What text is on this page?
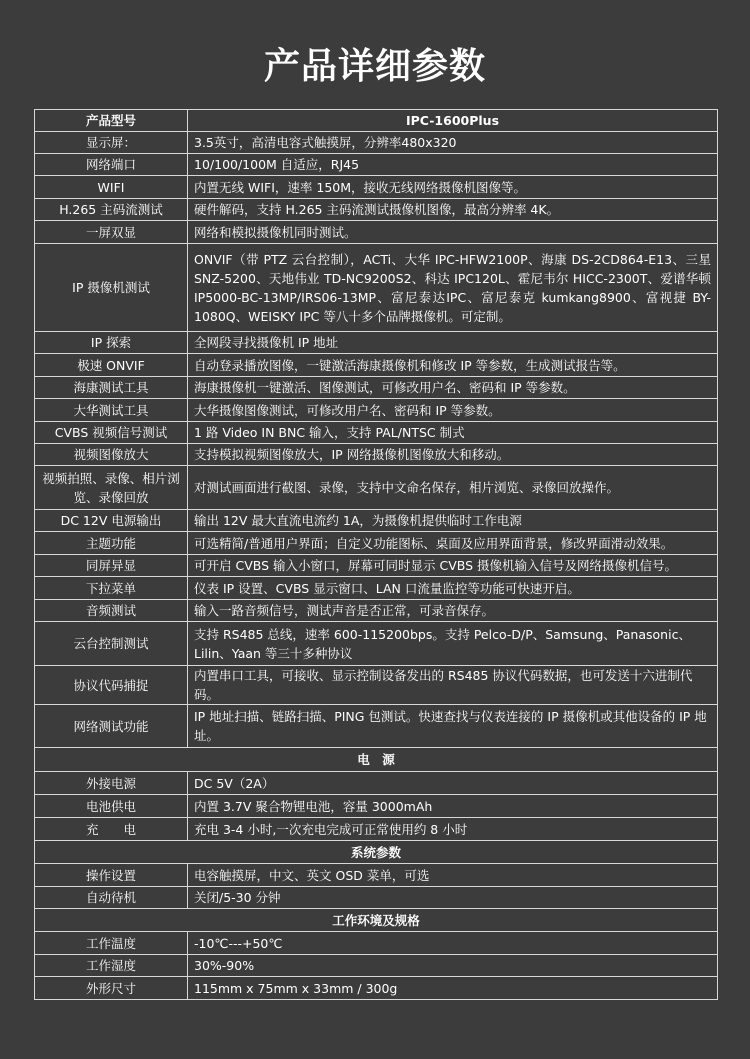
产品详细参数
产品型号	IPC-1600Plus
显示屏：	3.5英寸，高清电容式触摸屏，分辨率480x320
网络端口	10/100/100M 自适应，RJ45
WIFI	内置无线 WIFI，速率 150M，接收无线网络摄像机图像等。
H.265 主码流测试	硬件解码，支持 H.265 主码流测试摄像机图像，最高分辨率 4K。
一屏双显	网络和模拟摄像机同时测试。
IP 摄像机测试	ONVIF（带 PTZ 云台控制），ACTi、大华 IPC-HFW2100P、海康 DS-2CD864-E13、三星 SNZ-5200、天地伟业 TD-NC9200S2、科达 IPC120L、霍尼韦尔 HICC-2300T、爱谱华顿 IP5000-BC-13MP/IRS06-13MP、富尼泰达IPC、富尼泰克 kumkang8900、富视捷 BY-1080Q、WEISKY IPC 等八十多个品牌摄像机。可定制。
IP 探索	全网段寻找摄像机 IP 地址
极速 ONVIF	自动登录播放图像，一键激活海康摄像机和修改 IP 等参数，生成测试报告等。
海康测试工具	海康摄像机一键激活、图像测试，可修改用户名、密码和 IP 等参数。
大华测试工具	大华摄像图像测试，可修改用户名、密码和 IP 等参数。
CVBS 视频信号测试	1 路 Video IN BNC 输入，支持 PAL/NTSC 制式
视频图像放大	支持模拟视频图像放大，IP 网络摄像机图像放大和移动。
视频拍照、录像、相片浏览、录像回放	对测试画面进行截图、录像，支持中文命名保存，相片浏览、录像回放操作。
DC 12V 电源输出	输出 12V 最大直流电流约 1A，为摄像机提供临时工作电源
主题功能	可选精简/普通用户界面；自定义功能图标、桌面及应用界面背景，修改界面滑动效果。
同屏异显	可开启 CVBS 输入小窗口，屏幕可同时显示 CVBS 摄像机输入信号及网络摄像机信号。
下拉菜单	仪表 IP 设置、CVBS 显示窗口、LAN 口流量监控等功能可快速开启。
音频测试	输入一路音频信号，测试声音是否正常，可录音保存。
云台控制测试	支持 RS485 总线，速率 600-115200bps。支持 Pelco-D/P、Samsung、Panasonic、Lilin、Yaan 等三十多种协议
协议代码捕捉	内置串口工具，可接收、显示控制设备发出的 RS485 协议代码数据，也可发送十六进制代码。
网络测试功能	IP 地址扫描、链路扫描、PING 包测试。快速查找与仪表连接的 IP 摄像机或其他设备的 IP 地址。
电　源	
外接电源	DC 5V（2A）
电池供电	内置 3.7V 聚合物锂电池，容量 3000mAh
充　　电	充电 3-4 小时,一次充电完成可正常使用约 8 小时
系统参数	
操作设置	电容触摸屏，中文、英文 OSD 菜单，可选
自动待机	关闭/5-30 分钟
工作环境及规格	
工作温度	-10℃---+50℃
工作湿度	30%-90%
外形尺寸	115mm x 75mm x 33mm / 300g
